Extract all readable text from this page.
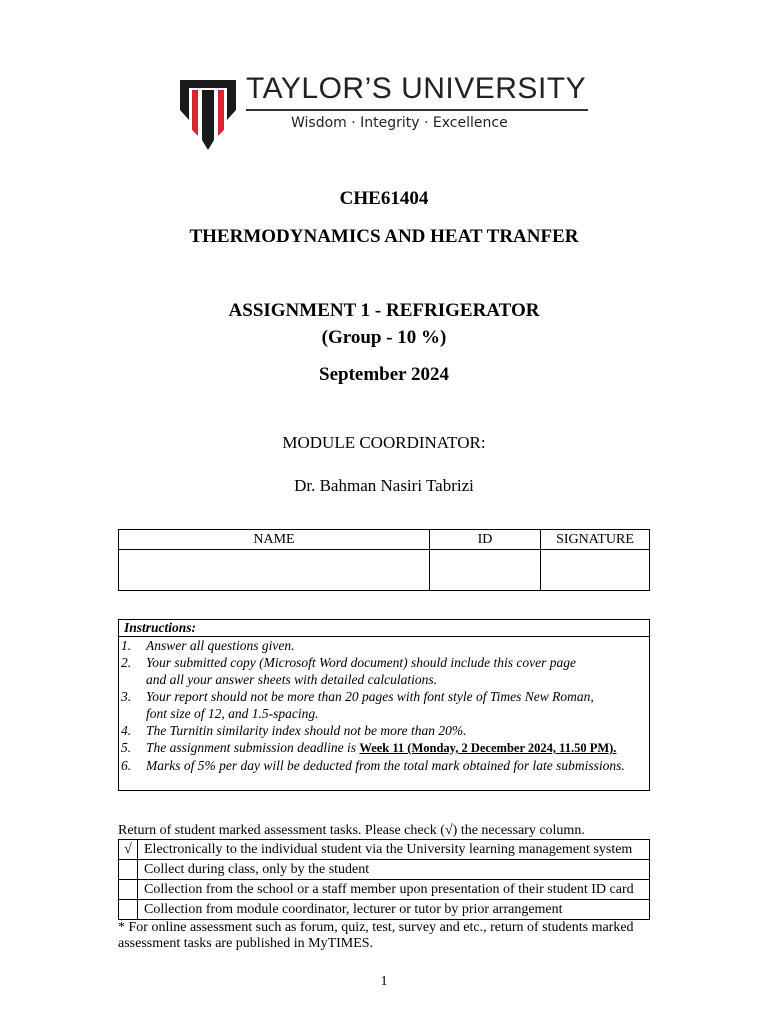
TAYLOR’S UNIVERSITY
Wisdom · Integrity · Excellence
CHE61404
THERMODYNAMICS AND HEAT TRANFER
ASSIGNMENT 1 - REFRIGERATOR
(Group - 10 %)
September 2024
MODULE COORDINATOR:
Dr. Bahman Nasiri Tabrizi
NAME	ID	SIGNATURE

Instructions:
1. Answer all questions given.
2. Your submitted copy (Microsoft Word document) should include this cover page
and all your answer sheets with detailed calculations.
3. Your report should not be more than 20 pages with font style of Times New Roman,
font size of 12, and 1.5-spacing.
4. The Turnitin similarity index should not be more than 20%.
5. The assignment submission deadline is Week 11 (Monday, 2 December 2024, 11.50 PM).
6. Marks of 5% per day will be deducted from the total mark obtained for late submissions.
Return of student marked assessment tasks. Please check (√) the necessary column.
√	Electronically to the individual student via the University learning management system
	Collect during class, only by the student
	Collection from the school or a staff member upon presentation of their student ID card
	Collection from module coordinator, lecturer or tutor by prior arrangement
* For online assessment such as forum, quiz, test, survey and etc., return of students marked assessment tasks are published in MyTIMES.
1
